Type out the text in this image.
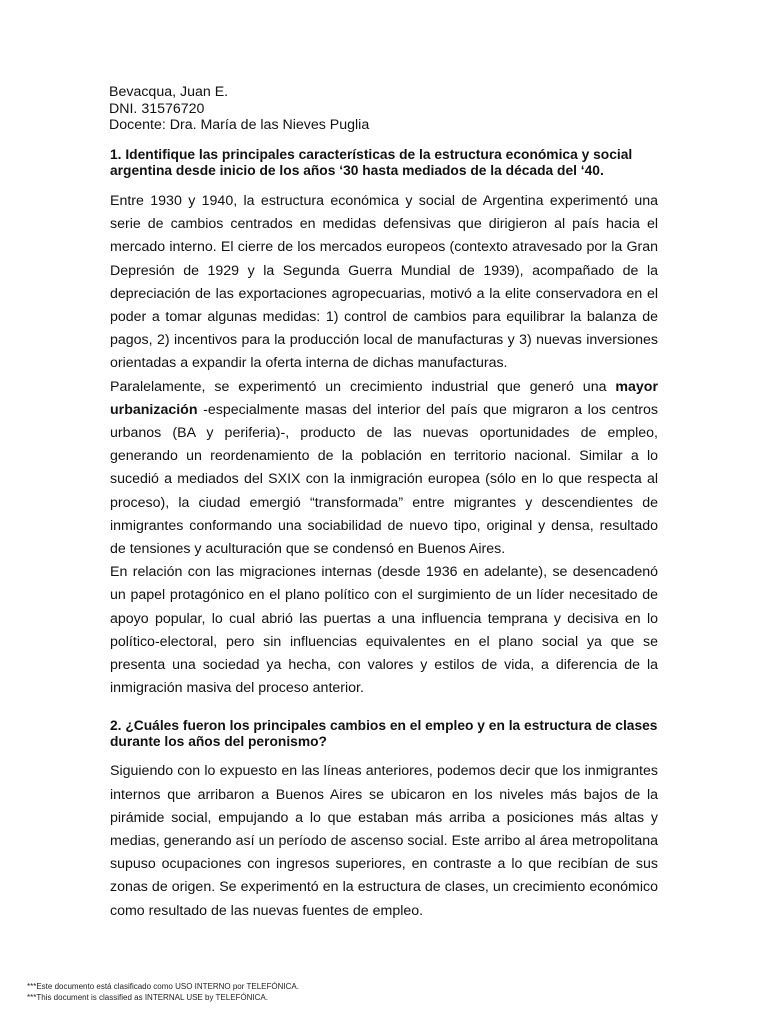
Bevacqua, Juan E.
DNI. 31576720
Docente: Dra. María de las Nieves Puglia

1. Identifique las principales características de la estructura económica y social argentina desde inicio de los años ‘30 hasta mediados de la década del ‘40.

Entre 1930 y 1940, la estructura económica y social de Argentina experimentó una serie de cambios centrados en medidas defensivas que dirigieron al país hacia el mercado interno. El cierre de los mercados europeos (contexto atravesado por la Gran Depresión de 1929 y la Segunda Guerra Mundial de 1939), acompañado de la depreciación de las exportaciones agropecuarias, motivó a la elite conservadora en el poder a tomar algunas medidas: 1) control de cambios para equilibrar la balanza de pagos, 2) incentivos para la producción local de manufacturas y 3) nuevas inversiones orientadas a expandir la oferta interna de dichas manufacturas.

Paralelamente, se experimentó un crecimiento industrial que generó una mayor urbanización -especialmente masas del interior del país que migraron a los centros urbanos (BA y periferia)-, producto de las nuevas oportunidades de empleo, generando un reordenamiento de la población en territorio nacional. Similar a lo sucedió a mediados del SXIX con la inmigración europea (sólo en lo que respecta al proceso), la ciudad emergió “transformada” entre migrantes y descendientes de inmigrantes conformando una sociabilidad de nuevo tipo, original y densa, resultado de tensiones y aculturación que se condensó en Buenos Aires.

En relación con las migraciones internas (desde 1936 en adelante), se desencadenó un papel protagónico en el plano político con el surgimiento de un líder necesitado de apoyo popular, lo cual abrió las puertas a una influencia temprana y decisiva en lo político-electoral, pero sin influencias equivalentes en el plano social ya que se presenta una sociedad ya hecha, con valores y estilos de vida, a diferencia de la inmigración masiva del proceso anterior.

2. ¿Cuáles fueron los principales cambios en el empleo y en la estructura de clases durante los años del peronismo?

Siguiendo con lo expuesto en las líneas anteriores, podemos decir que los inmigrantes internos que arribaron a Buenos Aires se ubicaron en los niveles más bajos de la pirámide social, empujando a lo que estaban más arriba a posiciones más altas y medias, generando así un período de ascenso social. Este arribo al área metropolitana supuso ocupaciones con ingresos superiores, en contraste a lo que recibían de sus zonas de origen. Se experimentó en la estructura de clases, un crecimiento económico como resultado de las nuevas fuentes de empleo.

***Este documento está clasificado como USO INTERNO por TELEFÓNICA.
***This document is classified as INTERNAL USE by TELEFÓNICA.
